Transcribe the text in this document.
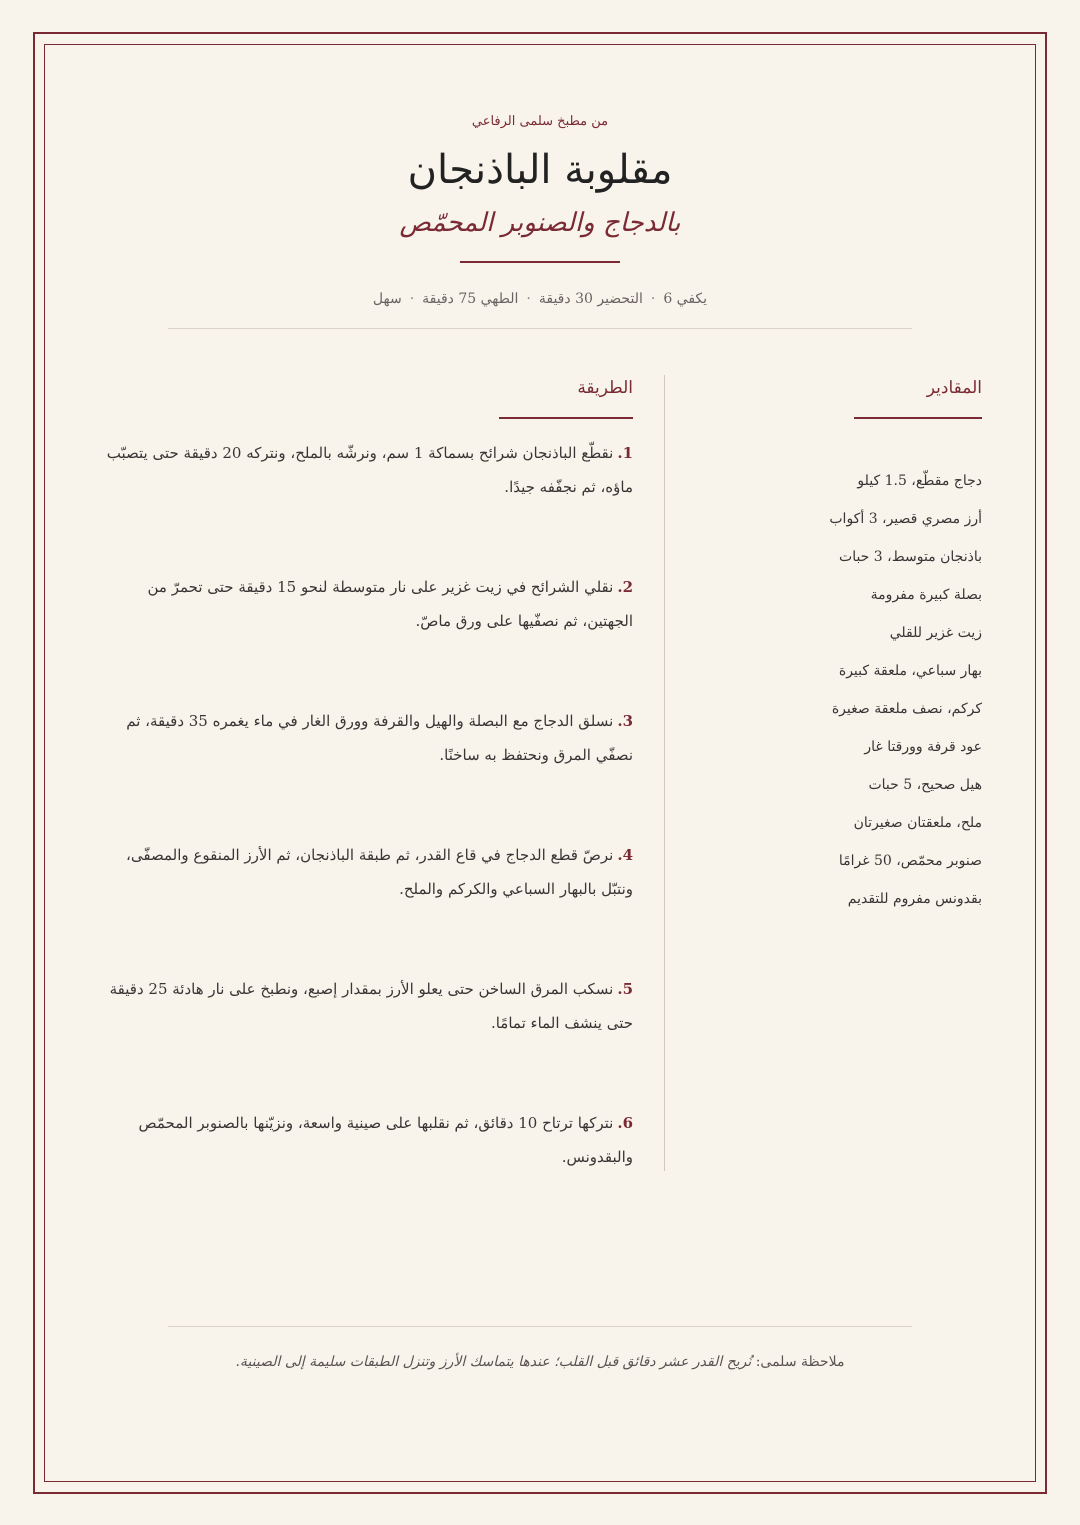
من مطبخ سلمى الرفاعي
مقلوبة الباذنجان
بالدجاج والصنوبر المحمّص
يكفي 6·التحضير 30 دقيقة·الطهي 75 دقيقة·سهل
المقادير
دجاج مقطّع، 1.5 كيلو
أرز مصري قصير، 3 أكواب
باذنجان متوسط، 3 حبات
بصلة كبيرة مفرومة
زيت غزير للقلي
بهار سباعي، ملعقة كبيرة
كركم، نصف ملعقة صغيرة
عود قرفة وورقتا غار
هيل صحيح، 5 حبات
ملح، ملعقتان صغيرتان
صنوبر محمّص، 50 غرامًا
بقدونس مفروم للتقديم
الطريقة
1.نقطّع الباذنجان شرائح بسماكة 1 سم، ونرشّه بالملح، ونتركه 20 دقيقة حتى يتصبّب ماؤه، ثم نجفّفه جيدًا.
2.نقلي الشرائح في زيت غزير على نار متوسطة لنحو 15 دقيقة حتى تحمرّ من الجهتين، ثم نصفّيها على ورق ماصّ.
3.نسلق الدجاج مع البصلة والهيل والقرفة وورق الغار في ماء يغمره 35 دقيقة، ثم نصفّي المرق ونحتفظ به ساخنًا.
4.نرصّ قطع الدجاج في قاع القدر، ثم طبقة الباذنجان، ثم الأرز المنقوع والمصفّى، ونتبّل بالبهار السباعي والكركم والملح.
5.نسكب المرق الساخن حتى يعلو الأرز بمقدار إصبع، ونطبخ على نار هادئة 25 دقيقة حتى ينشف الماء تمامًا.
6.نتركها ترتاح 10 دقائق، ثم نقلبها على صينية واسعة، ونزيّنها بالصنوبر المحمّص والبقدونس.
ملاحظة سلمى: نُريح القدر عشر دقائق قبل القلب؛ عندها يتماسك الأرز وتنزل الطبقات سليمة إلى الصينية.
